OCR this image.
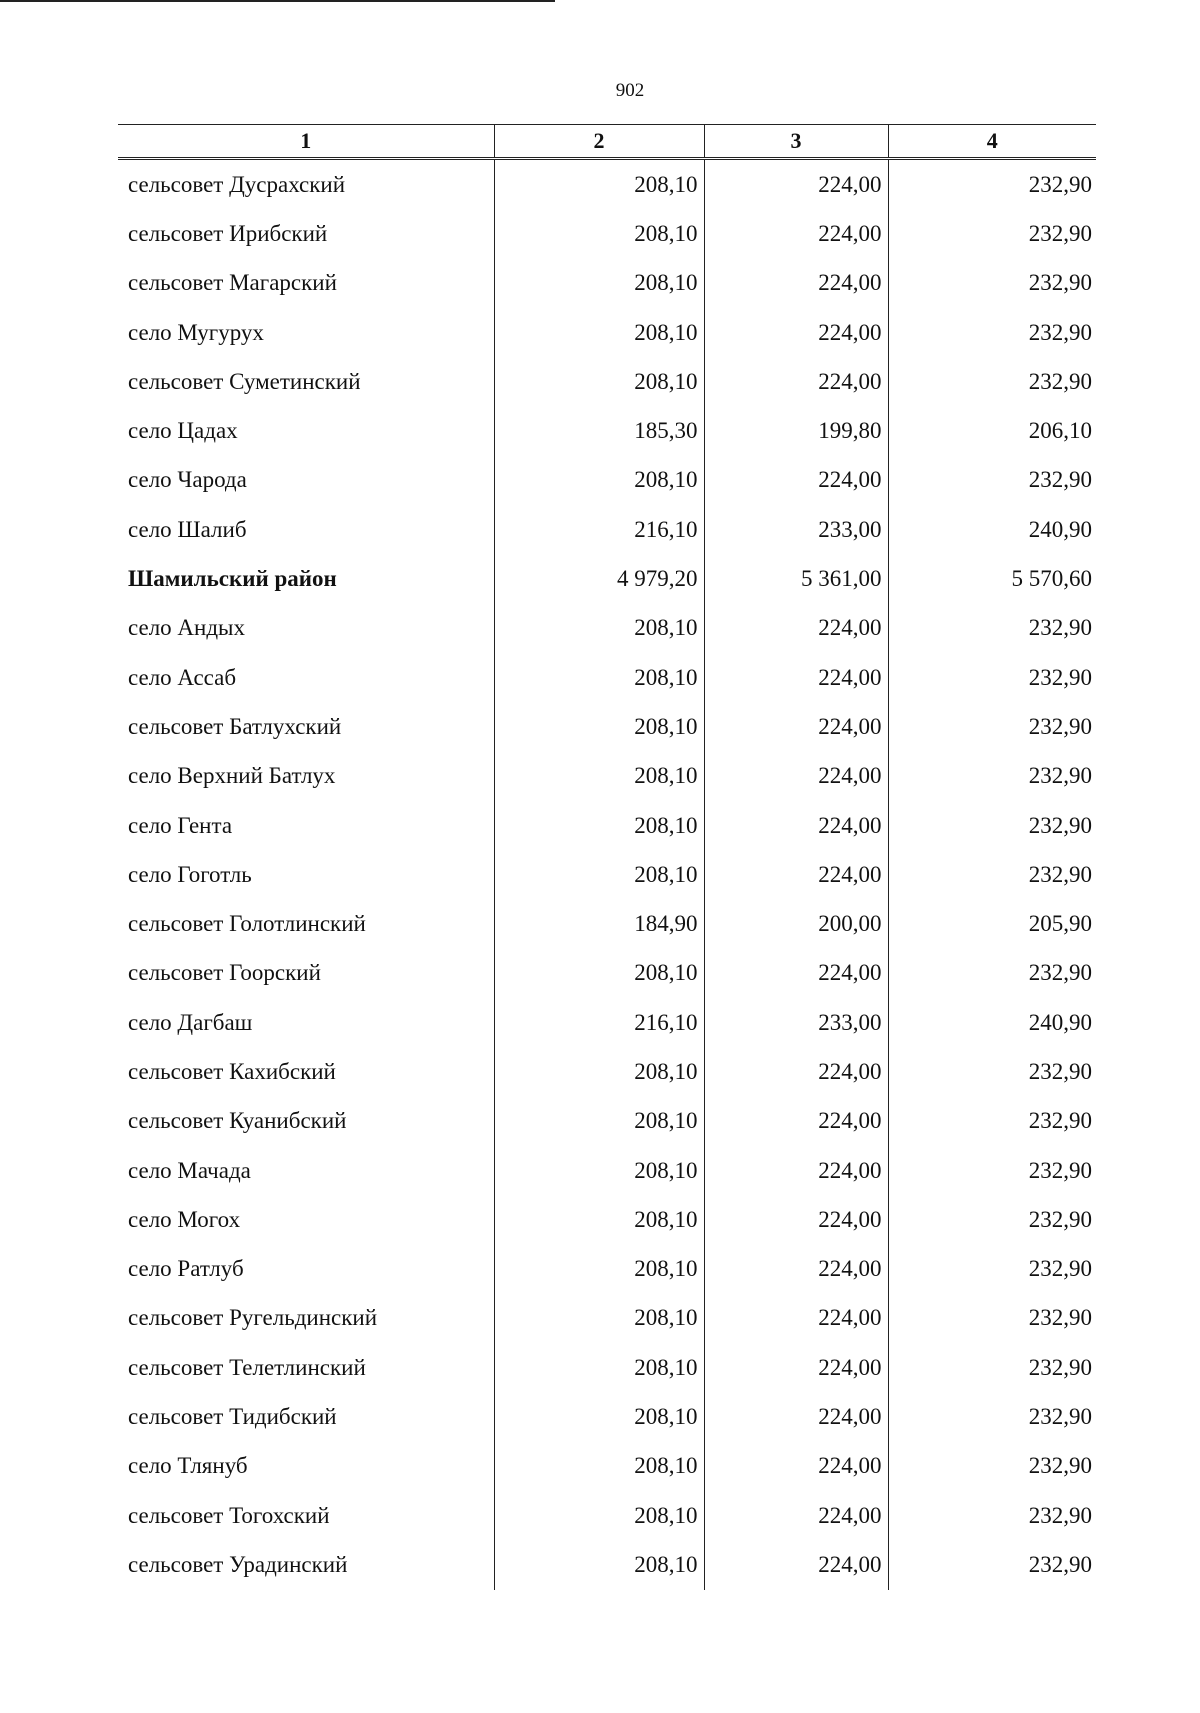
902
1	2	3	4
сельсовет Дусрахский	208,10	224,00	232,90
сельсовет Ирибский	208,10	224,00	232,90
сельсовет Магарский	208,10	224,00	232,90
село Мугурух	208,10	224,00	232,90
сельсовет Суметинский	208,10	224,00	232,90
село Цадах	185,30	199,80	206,10
село Чарода	208,10	224,00	232,90
село Шалиб	216,10	233,00	240,90
Шамильский район	4 979,20	5 361,00	5 570,60
село Андых	208,10	224,00	232,90
село Ассаб	208,10	224,00	232,90
сельсовет Батлухский	208,10	224,00	232,90
село Верхний Батлух	208,10	224,00	232,90
село Гента	208,10	224,00	232,90
село Гоготль	208,10	224,00	232,90
сельсовет Голотлинский	184,90	200,00	205,90
сельсовет Гоорский	208,10	224,00	232,90
село Дагбаш	216,10	233,00	240,90
сельсовет Кахибский	208,10	224,00	232,90
сельсовет Куанибский	208,10	224,00	232,90
село Мачада	208,10	224,00	232,90
село Могох	208,10	224,00	232,90
село Ратлуб	208,10	224,00	232,90
сельсовет Ругельдинский	208,10	224,00	232,90
сельсовет Телетлинский	208,10	224,00	232,90
сельсовет Тидибский	208,10	224,00	232,90
село Тлянуб	208,10	224,00	232,90
сельсовет Тогохский	208,10	224,00	232,90
сельсовет Урадинский	208,10	224,00	232,90
